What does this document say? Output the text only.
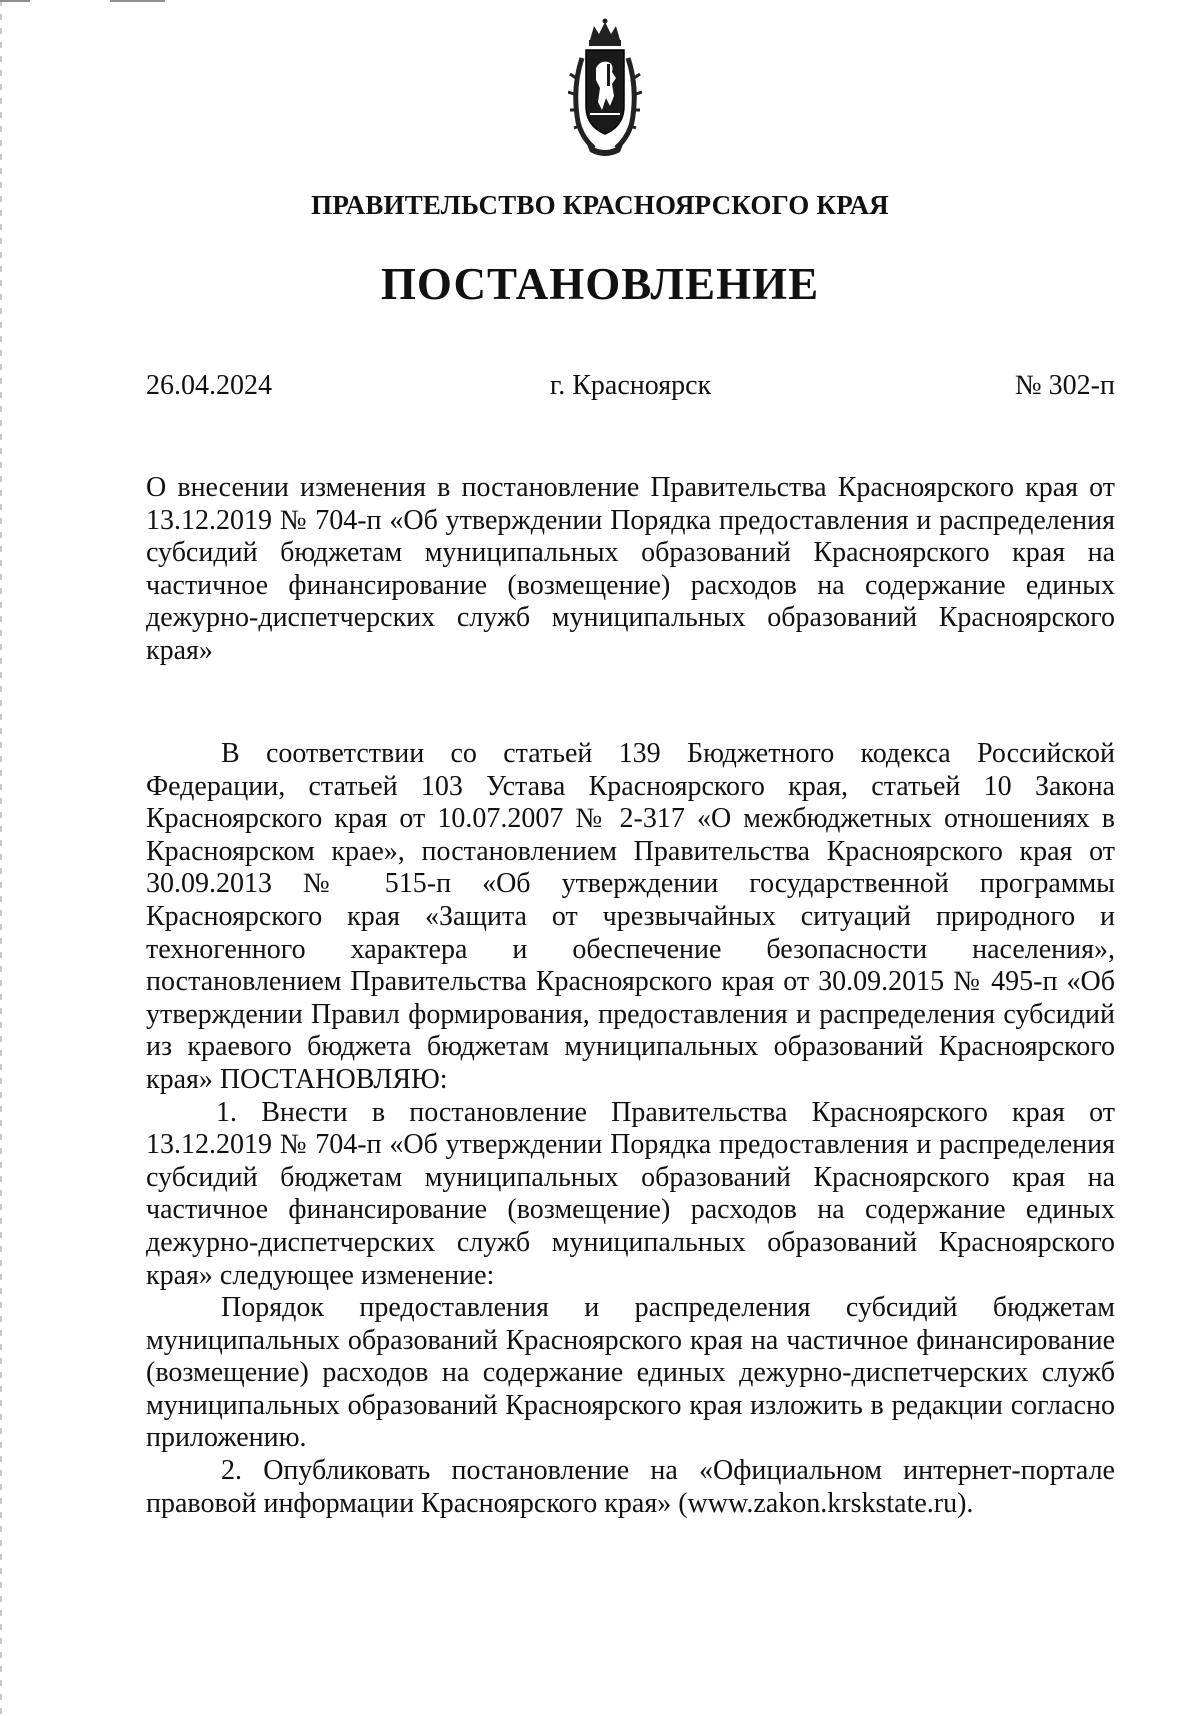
ПРАВИТЕЛЬСТВО КРАСНОЯРСКОГО КРАЯ
ПОСТАНОВЛЕНИЕ
г. Красноярск
26.04.2024	№ 302-п
О внесении изменения в постановление Правительства Красноярского края от 13.12.2019 № 704-п «Об утверждении Порядка предоставления и распределения субсидий бюджетам муниципальных образований Красноярского края на частичное финансирование (возмещение) расходов на содержание единых дежурно-диспетчерских служб муниципальных образований Красноярского края»

В соответствии со статьей 139 Бюджетного кодекса Российской Федерации, статьей 103 Устава Красноярского края, статьей 10 Закона Красноярского края от 10.07.2007 № 2-317 «О межбюджетных отношениях в Красноярском крае», постановлением Правительства Красноярского края от 30.09.2013 № 515-п «Об утверждении государственной программы Красноярского края «Защита от чрезвычайных ситуаций природного и техногенного характера и обеспечение безопасности населения», постановлением Правительства Красноярского края от 30.09.2015 № 495-п «Об утверждении Правил формирования, предоставления и распределения субсидий из краевого бюджета бюджетам муниципальных образований Красноярского края» ПОСТАНОВЛЯЮ:

1. Внести в постановление Правительства Красноярского края от 13.12.2019 № 704-п «Об утверждении Порядка предоставления и распределения субсидий бюджетам муниципальных образований Красноярского края на частичное финансирование (возмещение) расходов на содержание единых дежурно-диспетчерских служб муниципальных образований Красноярского края» следующее изменение:

Порядок предоставления и распределения субсидий бюджетам муниципальных образований Красноярского края на частичное финансирование (возмещение) расходов на содержание единых дежурно-диспетчерских служб муниципальных образований Красноярского края изложить в редакции согласно приложению.

2. Опубликовать постановление на «Официальном интернет-портале правовой информации Красноярского края» (www.zakon.krskstate.ru).
